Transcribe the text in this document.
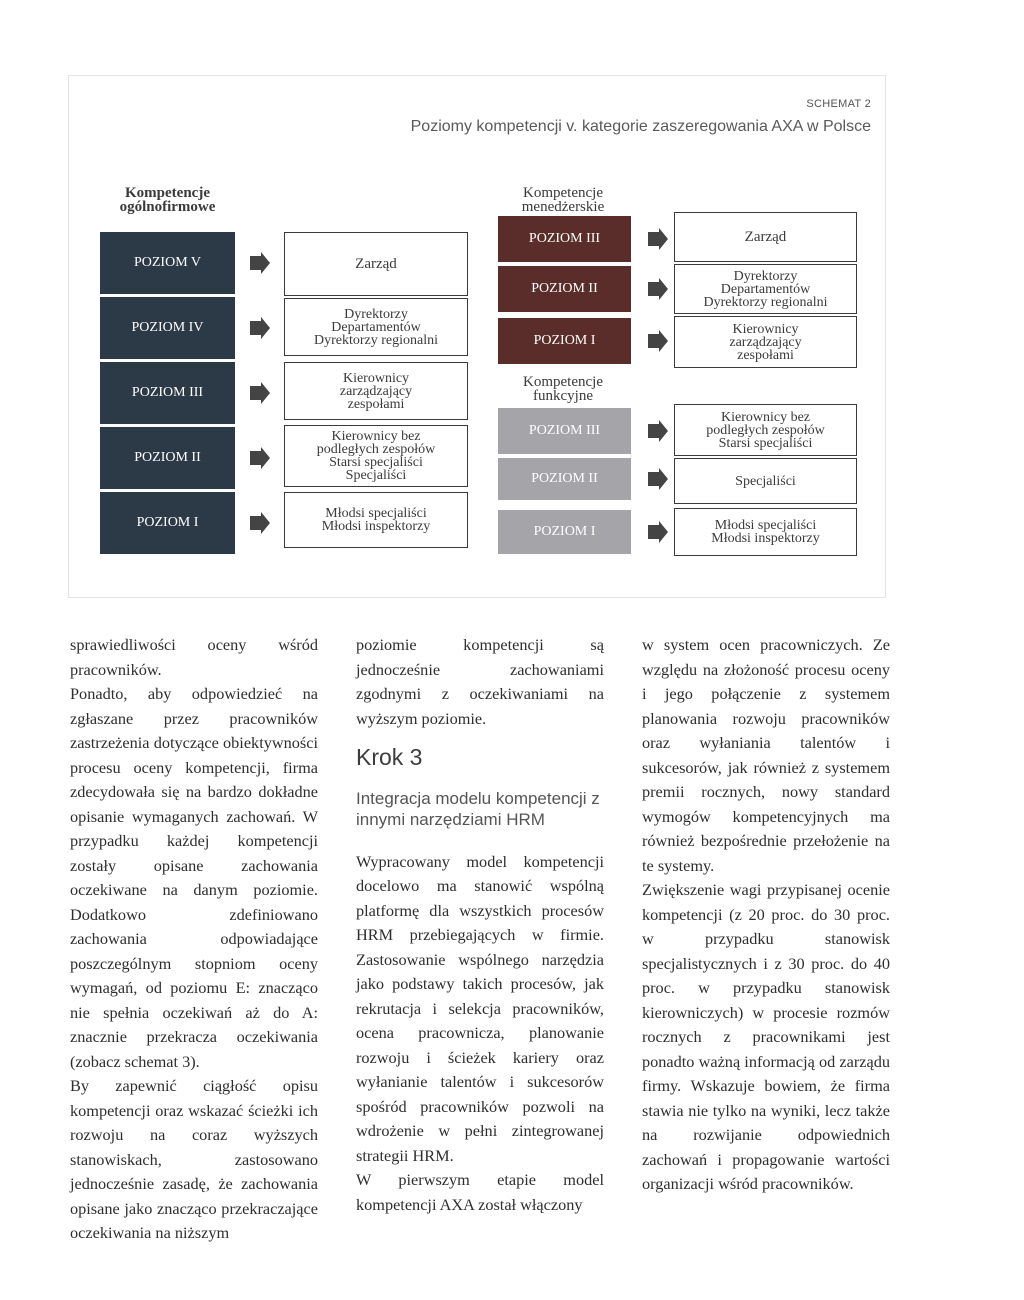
SCHEMAT 2
Poziomy kompetencji v. kategorie zaszeregowania AXA w Polsce
Kompetencje
ogólnofirmowe
POZIOM V
POZIOM IV
POZIOM III
POZIOM II
POZIOM I
Zarząd
Dyrektorzy
Departamentów
Dyrektorzy regionalni
Kierownicy
zarządzający
zespołami
Kierownicy bez
podległych zespołów
Starsi specjaliści
Specjaliści
Młodsi specjaliści
Młodsi inspektorzy
Kompetencje
menedżerskie
POZIOM III
POZIOM II
POZIOM I
Zarząd
Dyrektorzy
Departamentów
Dyrektorzy regionalni
Kierownicy
zarządzający
zespołami
Kompetencje
funkcyjne
POZIOM III
POZIOM II
POZIOM I
Kierownicy bez
podległych zespołów
Starsi specjaliści
Specjaliści
Młodsi specjaliści
Młodsi inspektorzy

sprawiedliwości oceny wśród pracowników.

Ponadto, aby odpowiedzieć na zgłaszane przez pracowników zastrzeżenia dotyczące obiektywności procesu oceny kompetencji, firma zdecydowała się na bardzo dokładne opisanie wymaganych zachowań. W przypadku każdej kompetencji zostały opisane zachowania oczekiwane na danym poziomie. Dodatkowo zdefiniowano zachowania odpowiadające poszczególnym stopniom oceny wymagań, od poziomu E: znacząco nie spełnia oczekiwań aż do A: znacznie przekracza oczekiwania (zobacz schemat 3).

By zapewnić ciągłość opisu kompetencji oraz wskazać ścieżki ich rozwoju na coraz wyższych stanowiskach, zastosowano jednocześnie zasadę, że zachowania opisane jako znacząco przekraczające oczekiwania na niższym

poziomie kompetencji są jednocześnie zachowaniami zgodnymi z oczekiwaniami na wyższym poziomie.

Krok 3
Integracja modelu kompetencji z innymi narzędziami HRM

Wypracowany model kompetencji docelowo ma stanowić wspólną platformę dla wszystkich procesów HRM przebiegających w firmie. Zastosowanie wspólnego narzędzia jako podstawy takich procesów, jak rekrutacja i selekcja pracowników, ocena pracownicza, planowanie rozwoju i ścieżek kariery oraz wyłanianie talentów i sukcesorów spośród pracowników pozwoli na wdrożenie w pełni zintegrowanej strategii HRM.

W pierwszym etapie model kompetencji AXA został włączony

w system ocen pracowniczych. Ze względu na złożoność procesu oceny i jego połączenie z systemem planowania rozwoju pracowników oraz wyłaniania talentów i sukcesorów, jak również z systemem premii rocznych, nowy standard wymogów kompetencyjnych ma również bezpośrednie przełożenie na te systemy.

Zwiększenie wagi przypisanej ocenie kompetencji (z 20 proc. do 30 proc. w przypadku stanowisk specjalistycznych i z 30 proc. do 40 proc. w przypadku stanowisk kierowniczych) w procesie rozmów rocznych z pracownikami jest ponadto ważną informacją od zarządu firmy. Wskazuje bowiem, że firma stawia nie tylko na wyniki, lecz także na rozwijanie odpowiednich zachowań i propagowanie wartości organizacji wśród pracowników.
